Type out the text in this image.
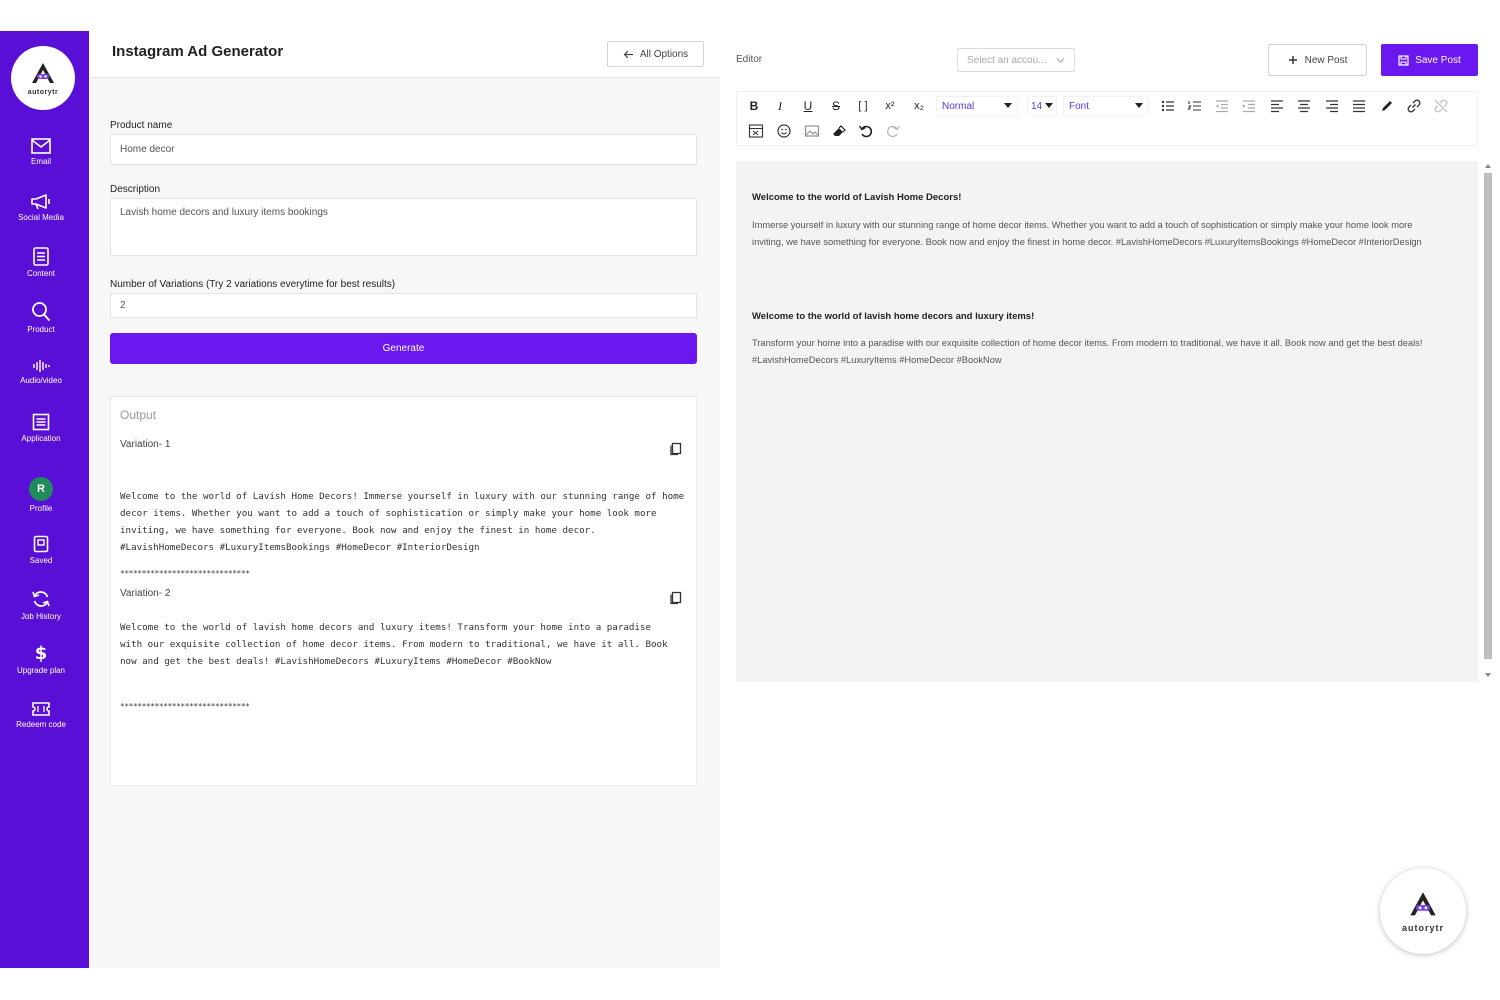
autorytr
Email
Social Media
Content
Product
Audio/video
Application
R
Profile
Saved
Job History
$
Upgrade plan
Redeem code
Instagram Ad Generator	All Options
Product name
Home decor
Description
Lavish home decors and luxury items bookings
Number of Variations (Try 2 variations everytime for best results)
2
Generate
Output
Variation- 1
Welcome to the world of Lavish Home Decors! Immerse yourself in luxury with our stunning range of home decor items. Whether you want to add a touch of sophistication or simply make your home look more inviting, we have something for everyone. Book now and enjoy the finest in home decor. #LavishHomeDecors #LuxuryItemsBookings #HomeDecor #InteriorDesign
******************************
Variation- 2
Welcome to the world of lavish home decors and luxury items! Transform your home into a paradise with our exquisite collection of home decor items. From modern to traditional, we have it all. Book now and get the best deals! #LavishHomeDecors #LuxuryItems #HomeDecor #BookNow
******************************
Editor	Select an accou...	New Post	Save Post
B	I	U	S	[ ]	x²	x₂	Normal	14	Font
Welcome to the world of Lavish Home Decors!
Immerse yourself in luxury with our stunning range of home decor items. Whether you want to add a touch of sophistication or simply make your home look more inviting, we have something for everyone. Book now and enjoy the finest in home decor. #LavishHomeDecors #LuxuryItemsBookings #HomeDecor #InteriorDesign
Welcome to the world of lavish home decors and luxury items!
Transform your home into a paradise with our exquisite collection of home decor items. From modern to traditional, we have it all. Book now and get the best deals! #LavishHomeDecors #LuxuryItems #HomeDecor #BookNow
autorytr
